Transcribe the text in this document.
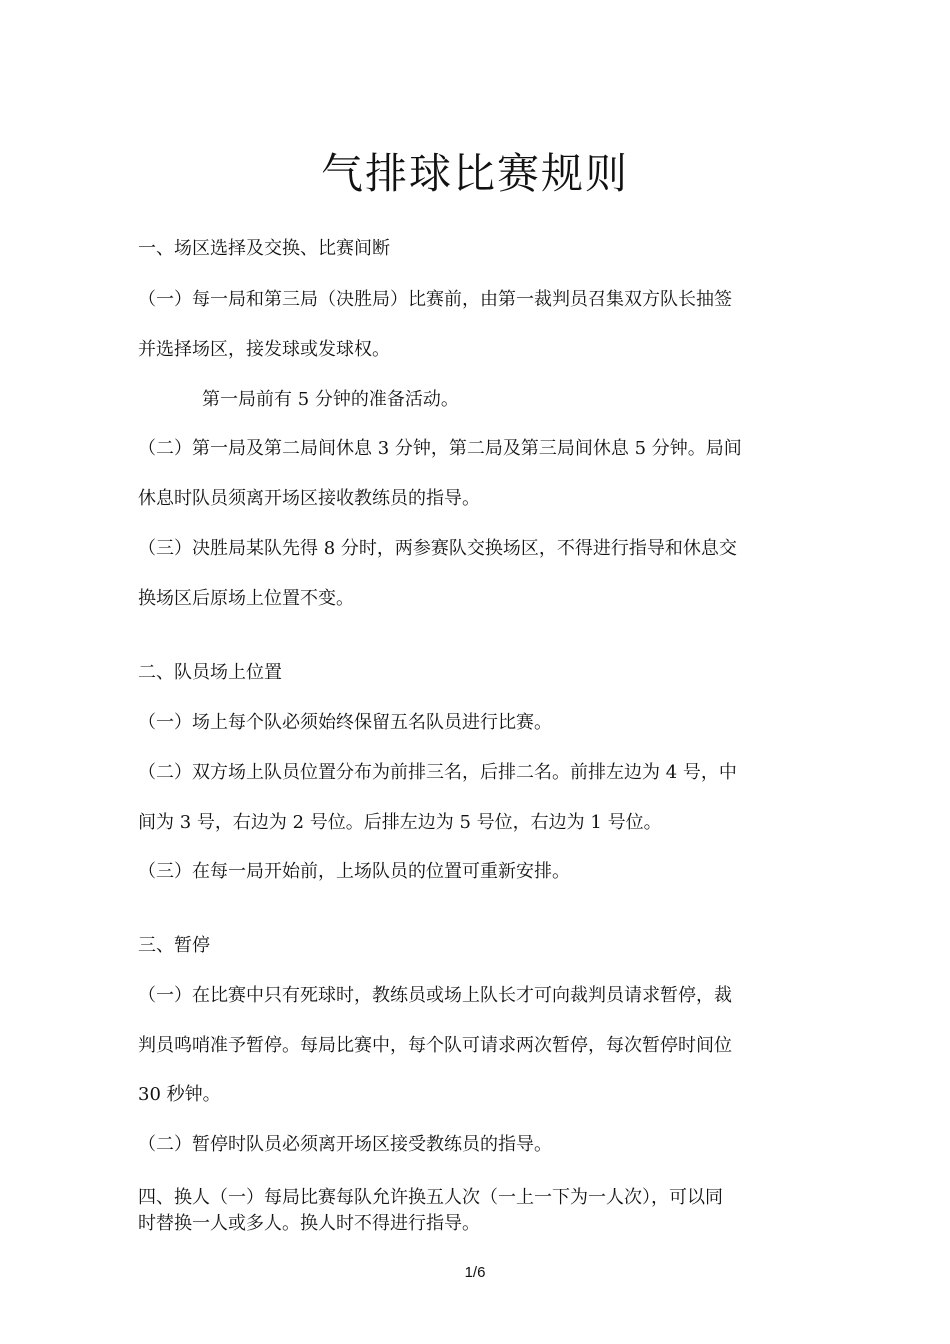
气排球比赛规则
一、场区选择及交换、比赛间断
（一）每一局和第三局（决胜局）比赛前，由第一裁判员召集双方队长抽签
并选择场区，接发球或发球权。
第一局前有 5 分钟的准备活动。
（二）第一局及第二局间休息 3 分钟，第二局及第三局间休息 5 分钟。局间
休息时队员须离开场区接收教练员的指导。
（三）决胜局某队先得 8 分时，两参赛队交换场区，不得进行指导和休息交
换场区后原场上位置不变。
二、队员场上位置
（一）场上每个队必须始终保留五名队员进行比赛。
（二）双方场上队员位置分布为前排三名，后排二名。前排左边为 4 号，中
间为 3 号，右边为 2 号位。后排左边为 5 号位，右边为 1 号位。
（三）在每一局开始前，上场队员的位置可重新安排。
三、暂停
（一）在比赛中只有死球时，教练员或场上队长才可向裁判员请求暂停，裁
判员鸣哨准予暂停。每局比赛中，每个队可请求两次暂停，每次暂停时间位
30 秒钟。
（二）暂停时队员必须离开场区接受教练员的指导。
四、换人（一）每局比赛每队允许换五人次（一上一下为一人次），可以同
时替换一人或多人。换人时不得进行指导。
1/6
